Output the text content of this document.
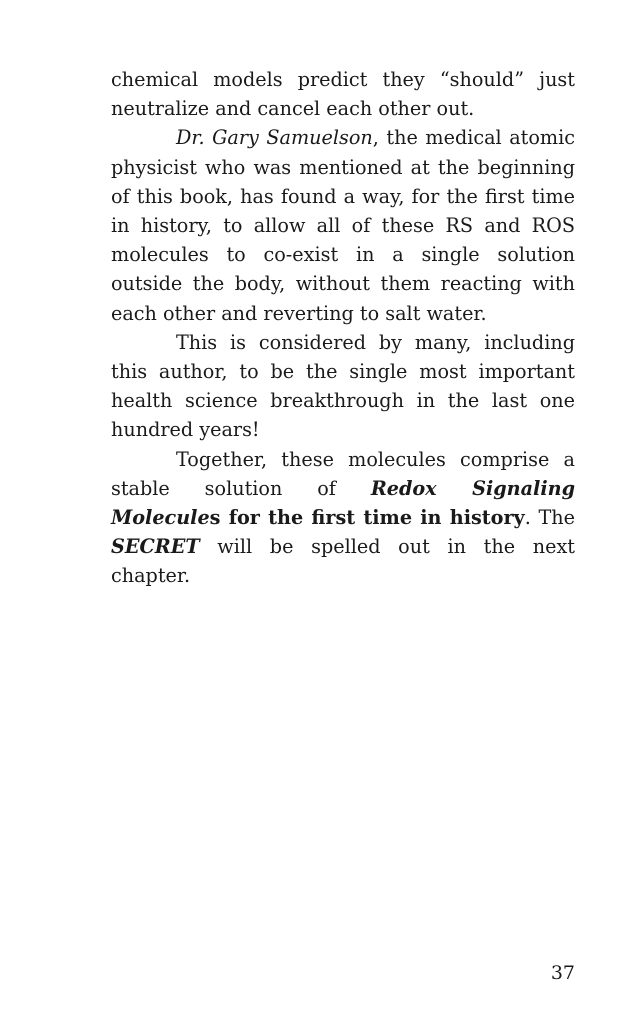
chemical models predict they “should” just neutralize and cancel each other out.

Dr. Gary Samuelson, the medical atomic physicist who was mentioned at the beginning of this book, has found a way, for the first time in history, to allow all of these RS and ROS molecules to co-exist in a single solution outside the body, without them reacting with each other and reverting to salt water.

This is considered by many, including this author, to be the single most important health science breakthrough in the last one hundred years!

Together, these molecules comprise a stable solution of Redox Signaling Molecules for the first time in history. The SECRET will be spelled out in the next chapter.

37
